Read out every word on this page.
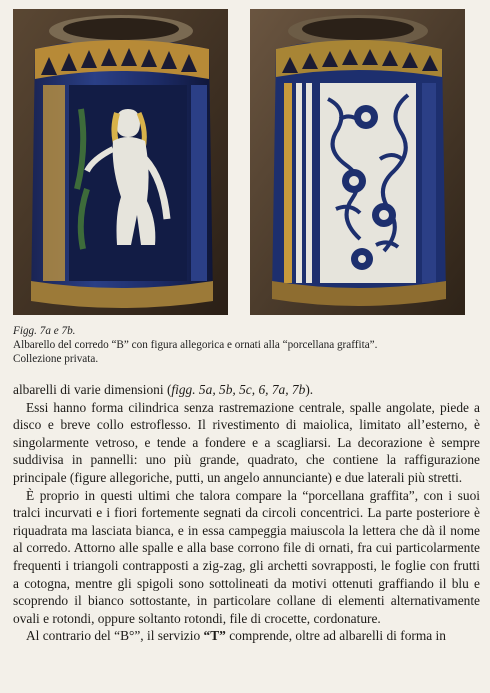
Figg. 7a e 7b.
Albarello del corredo “B” con figura allegorica e ornati alla “porcellana graffita”.
Collezione privata.

albarelli di varie dimensioni (figg. 5a, 5b, 5c, 6, 7a, 7b).

Essi hanno forma cilindrica senza rastremazione centrale, spalle angolate, piede a disco e breve collo estroflesso. Il rivestimento di maiolica, limitato all’esterno, è singolarmente vetroso, e tende a fondere e a scagliarsi. La decorazione è sempre suddivisa in pannelli: uno più grande, quadrato, che contiene la raffigurazione principale (figure allegoriche, putti, un angelo annunciante) e due laterali più stretti.

È proprio in questi ultimi che talora compare la “porcellana graffita”, con i suoi tralci incurvati e i fiori fortemente segnati da circoli concentrici. La parte posteriore è riquadrata ma lasciata bianca, e in essa campeggia maiuscola la lettera che dà il nome al corredo. Attorno alle spalle e alla base corrono file di ornati, fra cui particolarmente frequenti i triangoli contrapposti a zig-zag, gli archetti sovrapposti, le foglie con frutti a cotogna, mentre gli spigoli sono sottolineati da motivi ottenuti graffiando il blu e scoprendo il bianco sottostante, in particolare collane di elementi alternativamente ovali e rotondi, oppure soltanto rotondi, file di crocette, cordonature.

Al contrario del “B°”, il servizio “T” comprende, oltre ad albarelli di forma in
